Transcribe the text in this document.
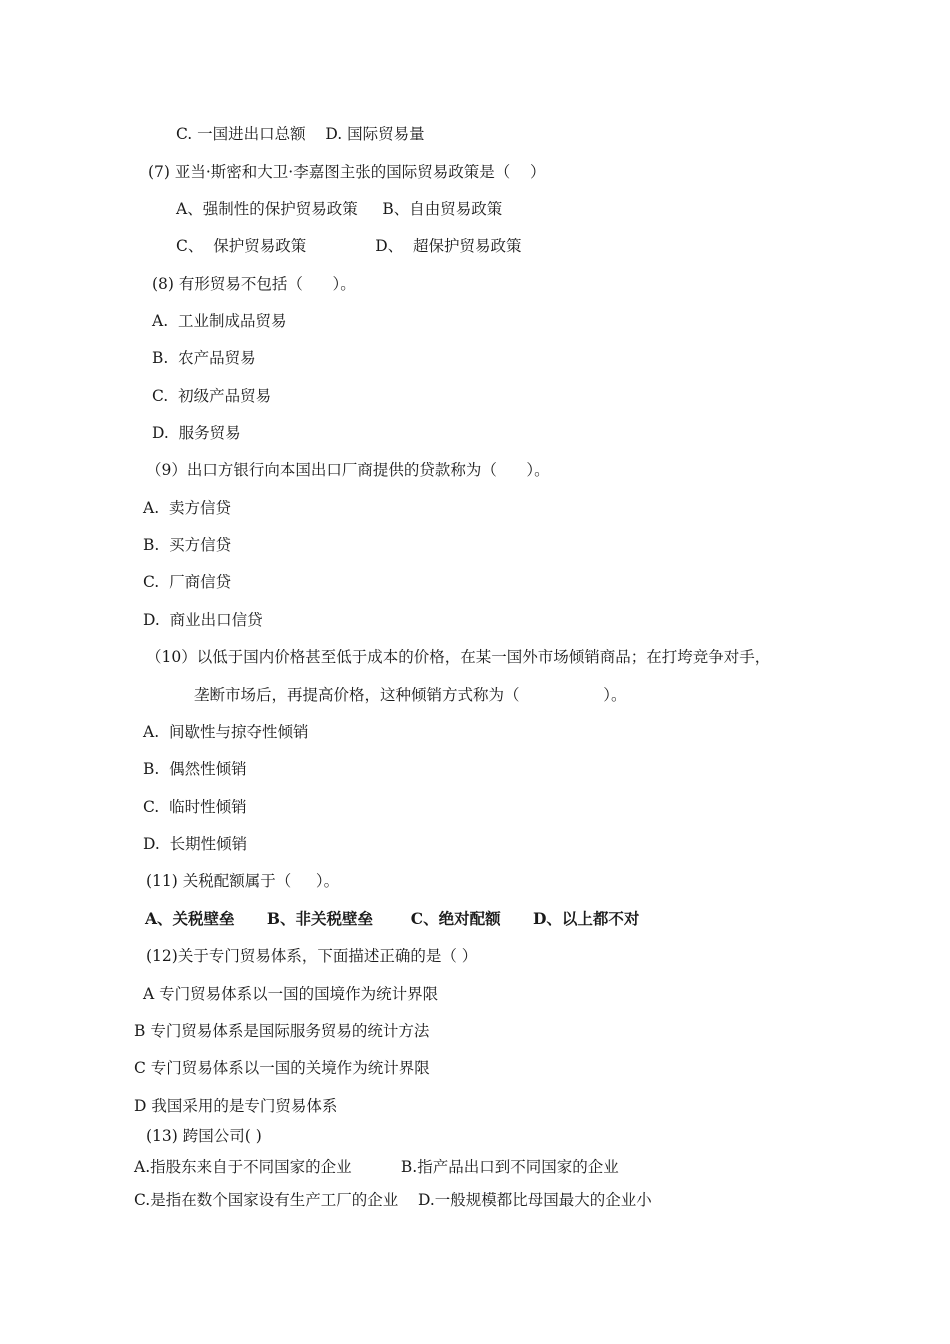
C. 一国进出口总额    D. 国际贸易量
(7) 亚当·斯密和大卫·李嘉图主张的国际贸易政策是（    ）
A、强制性的保护贸易政策     B、自由贸易政策
C、  保护贸易政策              D、  超保护贸易政策
(8) 有形贸易不包括（      ）。
A.  工业制成品贸易
B.  农产品贸易
C.  初级产品贸易
D.  服务贸易
（9）出口方银行向本国出口厂商提供的贷款称为（      ）。
A.  卖方信贷
B.  买方信贷
C.  厂商信贷
D.  商业出口信贷
（10）以低于国内价格甚至低于成本的价格，在某一国外市场倾销商品；在打垮竞争对手，
垄断市场后，再提高价格，这种倾销方式称为（                 ）。
A.  间歇性与掠夺性倾销
B.  偶然性倾销
C.  临时性倾销
D.  长期性倾销
(11) 关税配额属于（     ）。
A、关税壁垒      B、非关税壁垒       C、绝对配额      D、以上都不对
(12)关于专门贸易体系，下面描述正确的是（ ）
A 专门贸易体系以一国的国境作为统计界限
B 专门贸易体系是国际服务贸易的统计方法
C 专门贸易体系以一国的关境作为统计界限
D 我国采用的是专门贸易体系
(13) 跨国公司( )
A.指股东来自于不同国家的企业          B.指产品出口到不同国家的企业
C.是指在数个国家设有生产工厂的企业    D.一般规模都比母国最大的企业小
